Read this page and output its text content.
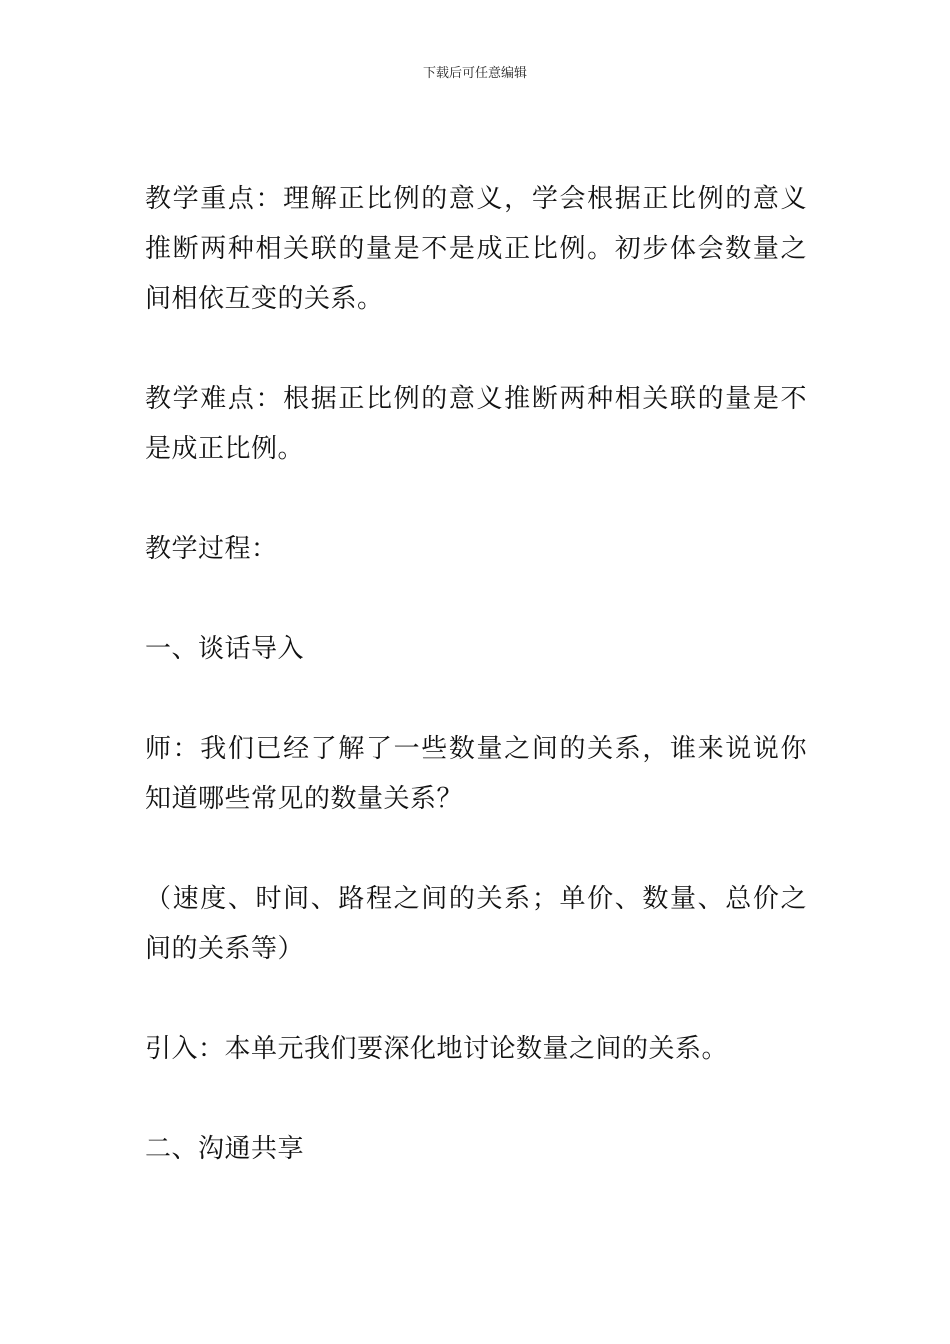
下载后可任意编辑

教学重点：理解正比例的意义，学会根据正比例的意义推断两种相关联的量是不是成正比例。初步体会数量之间相依互变的关系。

教学难点：根据正比例的意义推断两种相关联的量是不是成正比例。

教学过程：

一、谈话导入

师：我们已经了解了一些数量之间的关系，谁来说说你知道哪些常见的数量关系？

（速度、时间、路程之间的关系；单价、数量、总价之间的关系等）

引入：本单元我们要深化地讨论数量之间的关系。

二、沟通共享
